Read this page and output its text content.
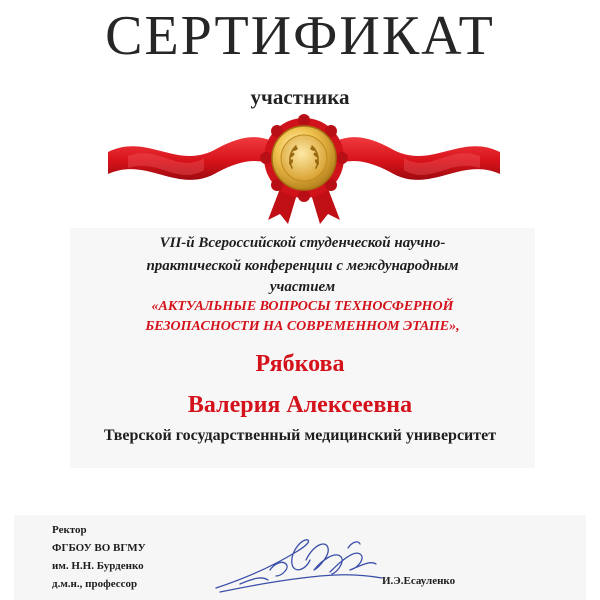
СЕРТИФИКАТ
участника
VII-й Всероссийской студенческой научно-
практической конференции с международным
участием
«АКТУАЛЬНЫЕ ВОПРОСЫ ТЕХНОСФЕРНОЙ
БЕЗОПАСНОСТИ НА СОВРЕМЕННОМ ЭТАПЕ»,
Рябкова
Валерия Алексеевна
Тверской государственный медицинский университет
Ректор
ФГБОУ ВО ВГМУ
им. Н.Н. Бурденко
д.м.н., профессор	И.Э.Есауленко
